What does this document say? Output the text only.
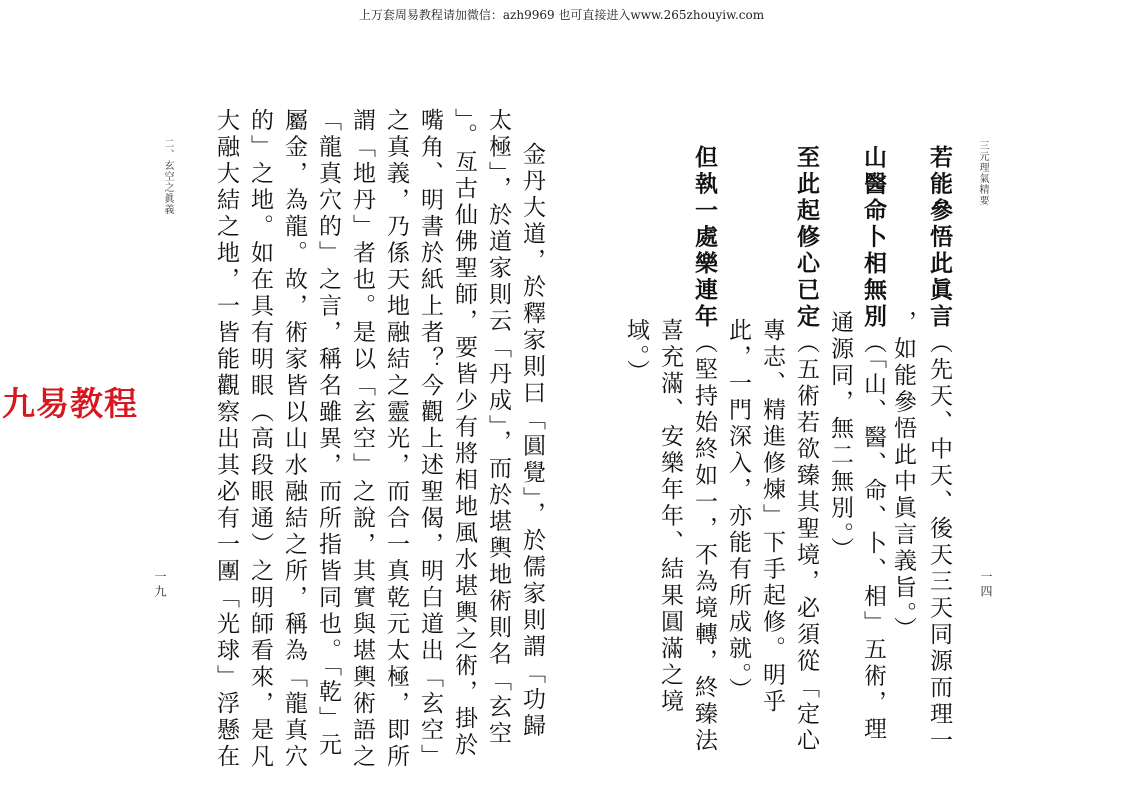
上万套周易教程请加微信：azh9969 也可直接进入www.265zhouyiw.com
九易教程
三元理氣精要
一四
若能參悟此眞言（先天、中天、後天三天同源而理一
，如能參悟此中眞言義旨。）
山醫命卜相無別（「山、醫、命、卜、相」五術，理
通源同，無二無別。）
至此起修心已定（五術若欲臻其聖境，必須從「定心
專志、精進修煉」下手起修。明乎
此，一門深入，亦能有所成就。）
但執一處樂連年（堅持始終如一，不為境轉，終臻法
喜充滿、安樂年年、結果圓滿之境
域。）
二、玄空之眞義
一九	金丹大道，於釋家則曰「圓覺」，於儒家則謂「功歸
太極」，於道家則云「丹成」，而於堪輿地術則名「玄空
」。亙古仙佛聖師，要皆少有將相地風水堪輿之術，掛於
嘴角、明書於紙上者？今觀上述聖偈，明白道出「玄空」
之真義，乃係天地融結之靈光，而合一真乾元太極，即所
謂「地丹」者也。是以「玄空」之說，其實與堪輿術語之
「龍真穴的」之言，稱名雖異，而所指皆同也。「乾」元
屬金，為龍。故，術家皆以山水融結之所，稱為「龍真穴
的」之地。如在具有明眼（高段眼通）之明師看來，是凡
大融大結之地，一皆能觀察出其必有一團「光球」浮懸在
